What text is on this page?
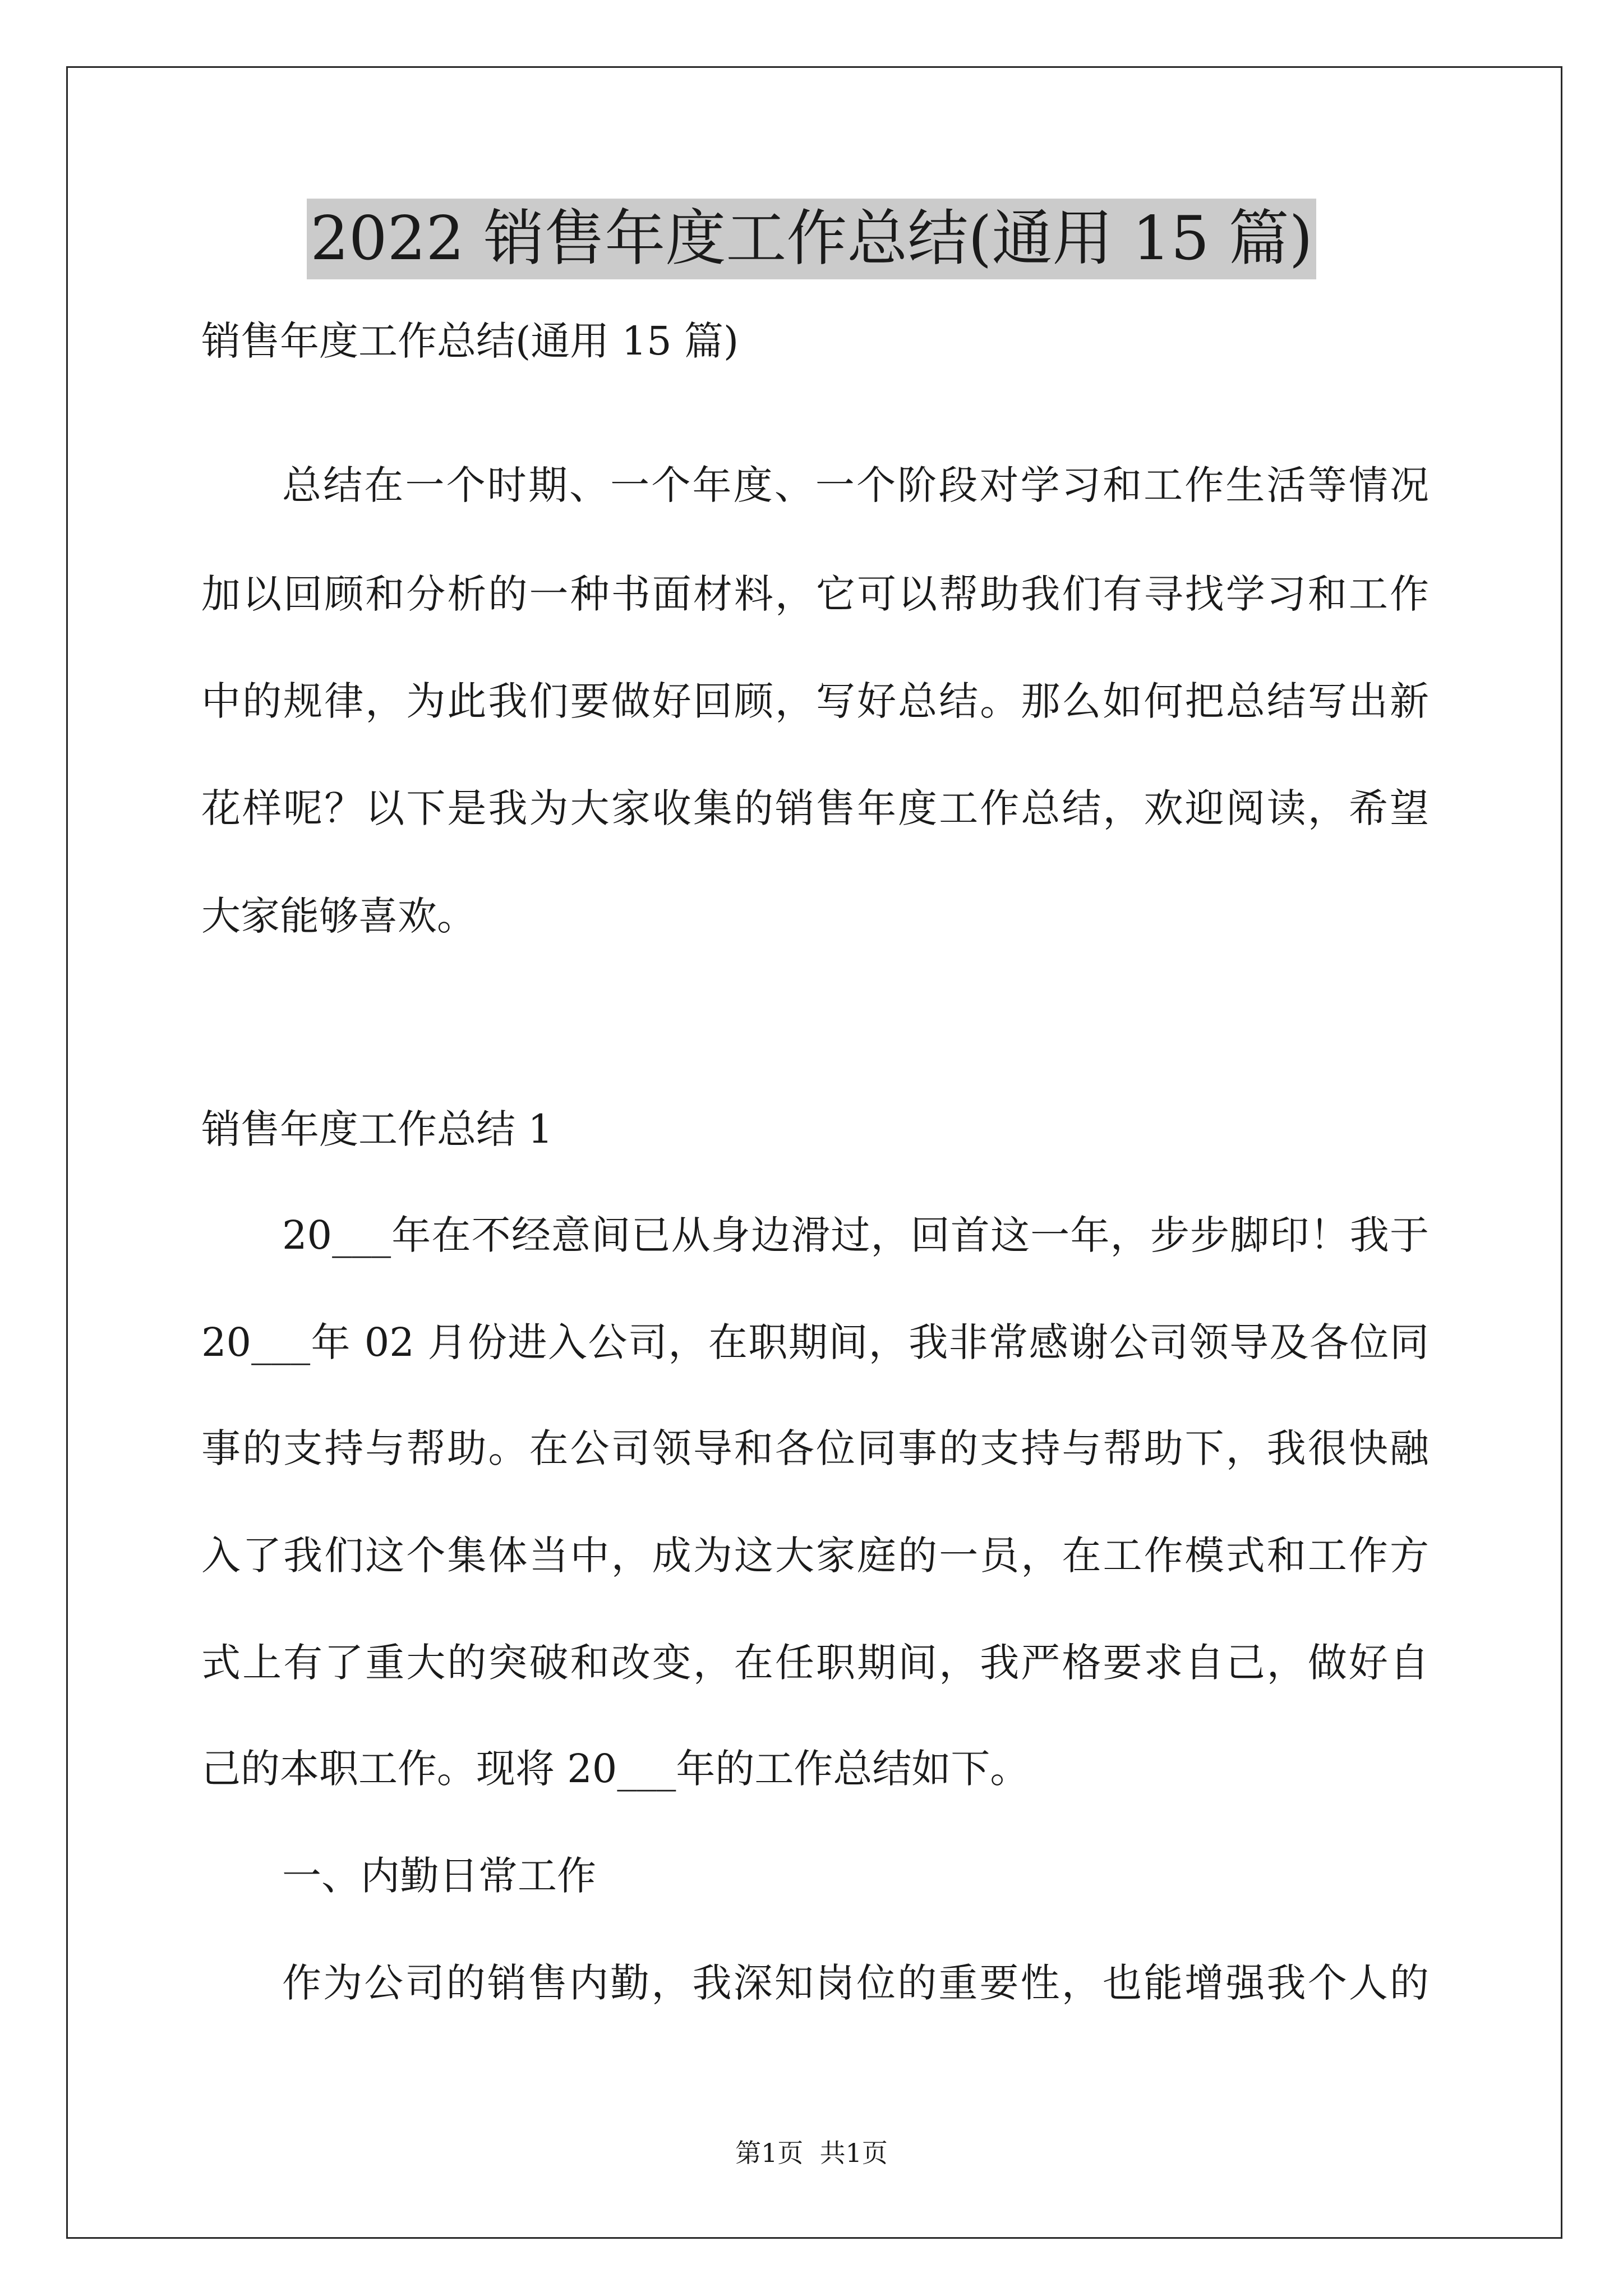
2022 销售年度工作总结(通用 15 篇)
销售年度工作总结(通用 15 篇)
总结在一个时期、一个年度、一个阶段对学习和工作生活等情况
加以回顾和分析的一种书面材料，它可以帮助我们有寻找学习和工作
中的规律，为此我们要做好回顾，写好总结。那么如何把总结写出新
花样呢？以下是我为大家收集的销售年度工作总结，欢迎阅读，希望
大家能够喜欢。
销售年度工作总结 1
20___年在不经意间已从身边滑过，回首这一年，步步脚印！我于
20___年 02 月份进入公司，在职期间，我非常感谢公司领导及各位同
事的支持与帮助。在公司领导和各位同事的支持与帮助下，我很快融
入了我们这个集体当中，成为这大家庭的一员，在工作模式和工作方
式上有了重大的突破和改变，在任职期间，我严格要求自己，做好自
己的本职工作。现将 20___年的工作总结如下。
一、内勤日常工作
作为公司的销售内勤，我深知岗位的重要性，也能增强我个人的
第1页  共1页
